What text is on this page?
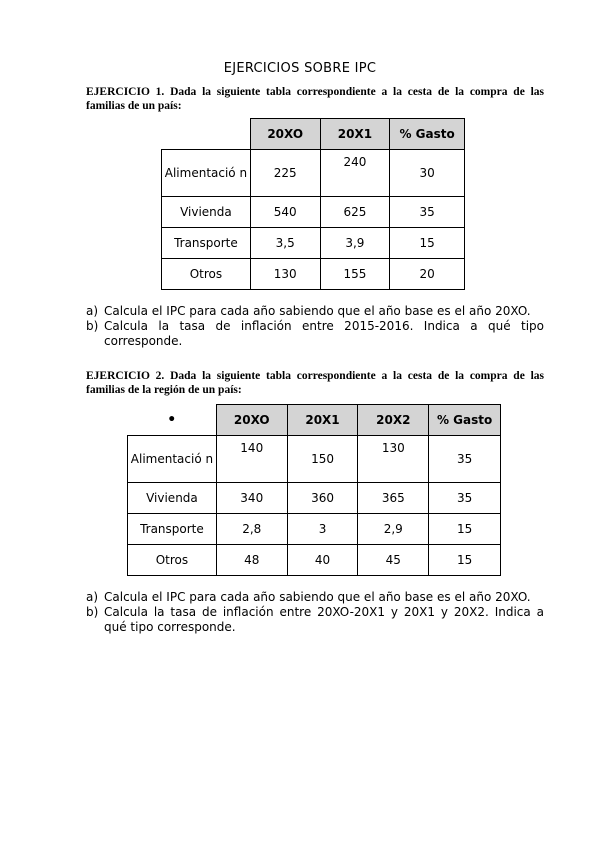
EJERCICIOS SOBRE IPC
EJERCICIO 1. Dada la siguiente tabla correspondiente a la cesta de la compra de las familias de un país:
	20XO	20X1	% Gasto
Alimentació n	225	240	30
Vivienda	540	625	35
Transporte	3,5	3,9	15
Otros	130	155	20
a) Calcula el IPC para cada año sabiendo que el año base es el año 20XO.
b) Calcula la tasa de inflación entre 2015-2016. Indica a qué tipo corresponde.
EJERCICIO 2. Dada la siguiente tabla correspondiente a la cesta de la compra de las familias de la región de un país:
•	20XO	20X1	20X2	% Gasto
Alimentació n	140	150	130	35
Vivienda	340	360	365	35
Transporte	2,8	3	2,9	15
Otros	48	40	45	15
a) Calcula el IPC para cada año sabiendo que el año base es el año 20XO.
b) Calcula la tasa de inflación entre 20XO-20X1 y 20X1 y 20X2. Indica a qué tipo corresponde.
